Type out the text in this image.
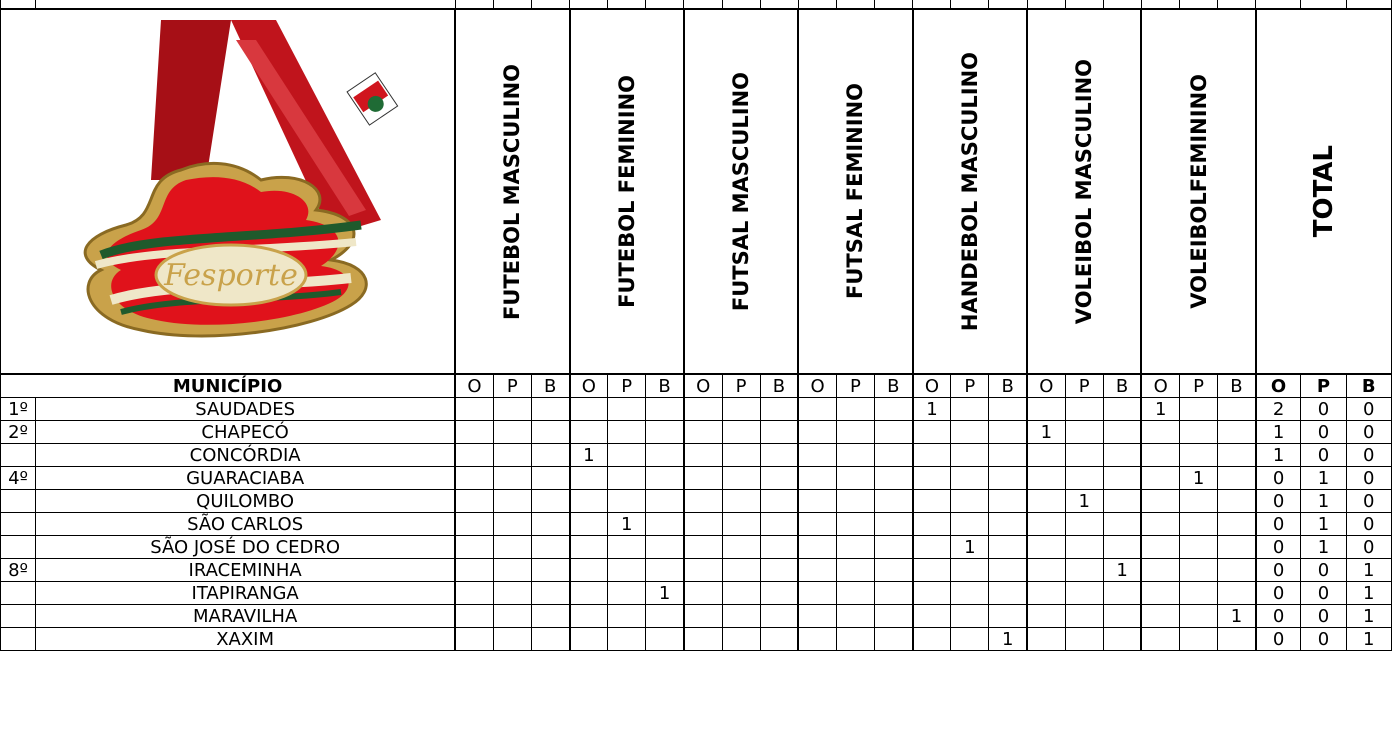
Fesporte		FUTEBOL MASCULINO			FUTEBOL FEMININO			FUTSAL MASCULINO			FUTSAL FEMININO			HANDEBOL MASCULINO			VOLEIBOL MASCULINO			VOLEIBOLFEMININO			TOTAL		

MUNICÍPIO		O	P	B	O	P	B	O	P	B	O	P	B	O	P	B	O	P	B	O	P	B	O	P	B
1º	SAUDADES													1						1			2	0	0
2º	CHAPECÓ																1						1	0	0
	CONCÓRDIA				1																		1	0	0
4º	GUARACIABA																				1		0	1	0
	QUILOMBO																	1					0	1	0
	SÃO CARLOS					1																	0	1	0
	SÃO JOSÉ DO CEDRO														1								0	1	0
8º	IRACEMINHA																		1				0	0	1
	ITAPIRANGA						1																0	0	1
	MARAVILHA																					1	0	0	1
	XAXIM															1							0	0	1
